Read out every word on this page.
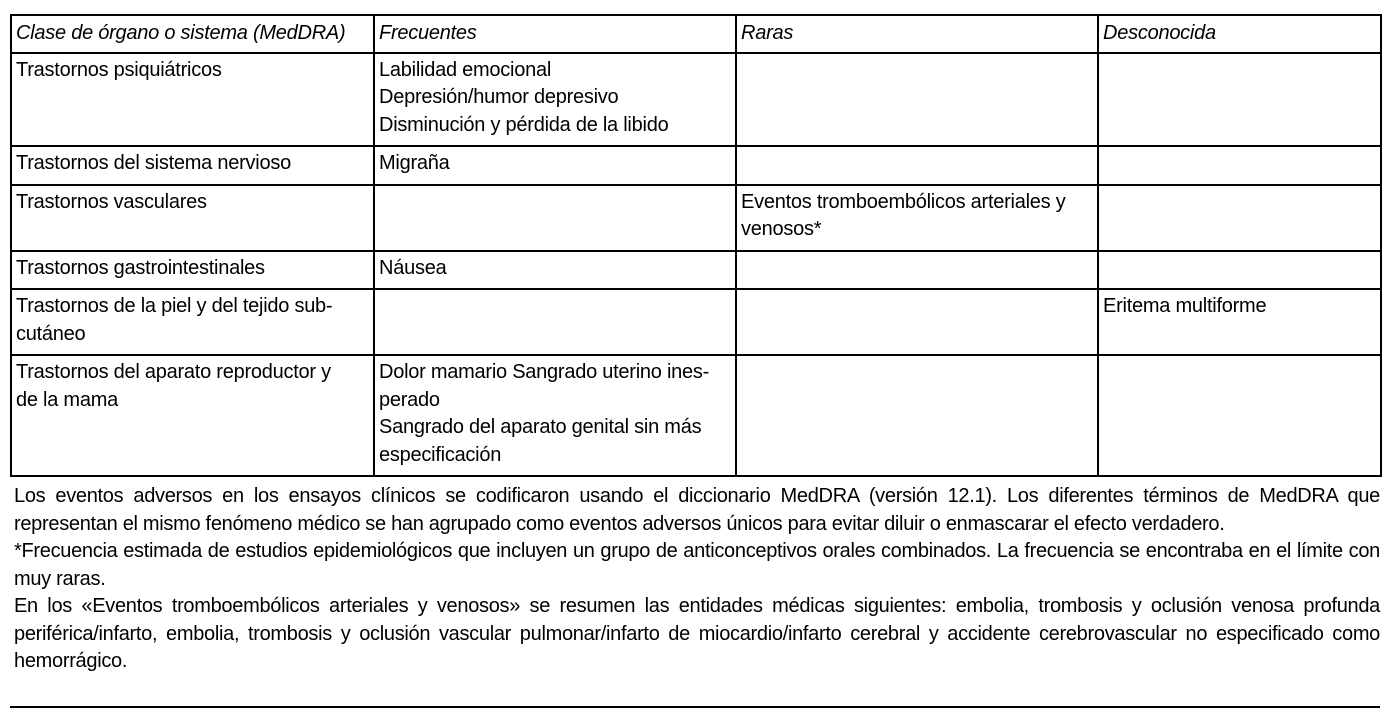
Clase de órgano o sistema (MedDRA)	Frecuentes	Raras	Desconocida

Trastornos psiquiátricos	Labilidad emocional
Depresión/humor depresivo
Disminución y pérdida de la libido		

Trastornos del sistema nervioso	Migraña		

Trastornos vasculares		Eventos tromboembólicos arteriales y
venosos*	

Trastornos gastrointestinales	Náusea		

Trastornos de la piel y del tejido sub-
cutáneo			Eritema multiforme

Trastornos del aparato reproductor y
de la mama	Dolor mamario Sangrado uterino ines-
perado
Sangrado del aparato genital sin más
especificación		

Los eventos adversos en los ensayos clínicos se codificaron usando el diccionario MedDRA (versión 12.1). Los diferentes términos de MedDRA que representan el mismo fenómeno médico se han agrupado como eventos adversos únicos para evitar diluir o enmascarar el efecto verdadero.

*Frecuencia estimada de estudios epidemiológicos que incluyen un grupo de anticonceptivos orales combinados. La frecuencia se encontraba en el límite con muy raras.

En los «Eventos tromboembólicos arteriales y venosos» se resumen las entidades médicas siguientes: embolia, trombosis y oclusión venosa profunda periférica/infarto, embolia, trombosis y oclusión vascular pulmonar/infarto de miocardio/infarto cerebral y accidente cerebrovascular no especificado como hemorrágico.
